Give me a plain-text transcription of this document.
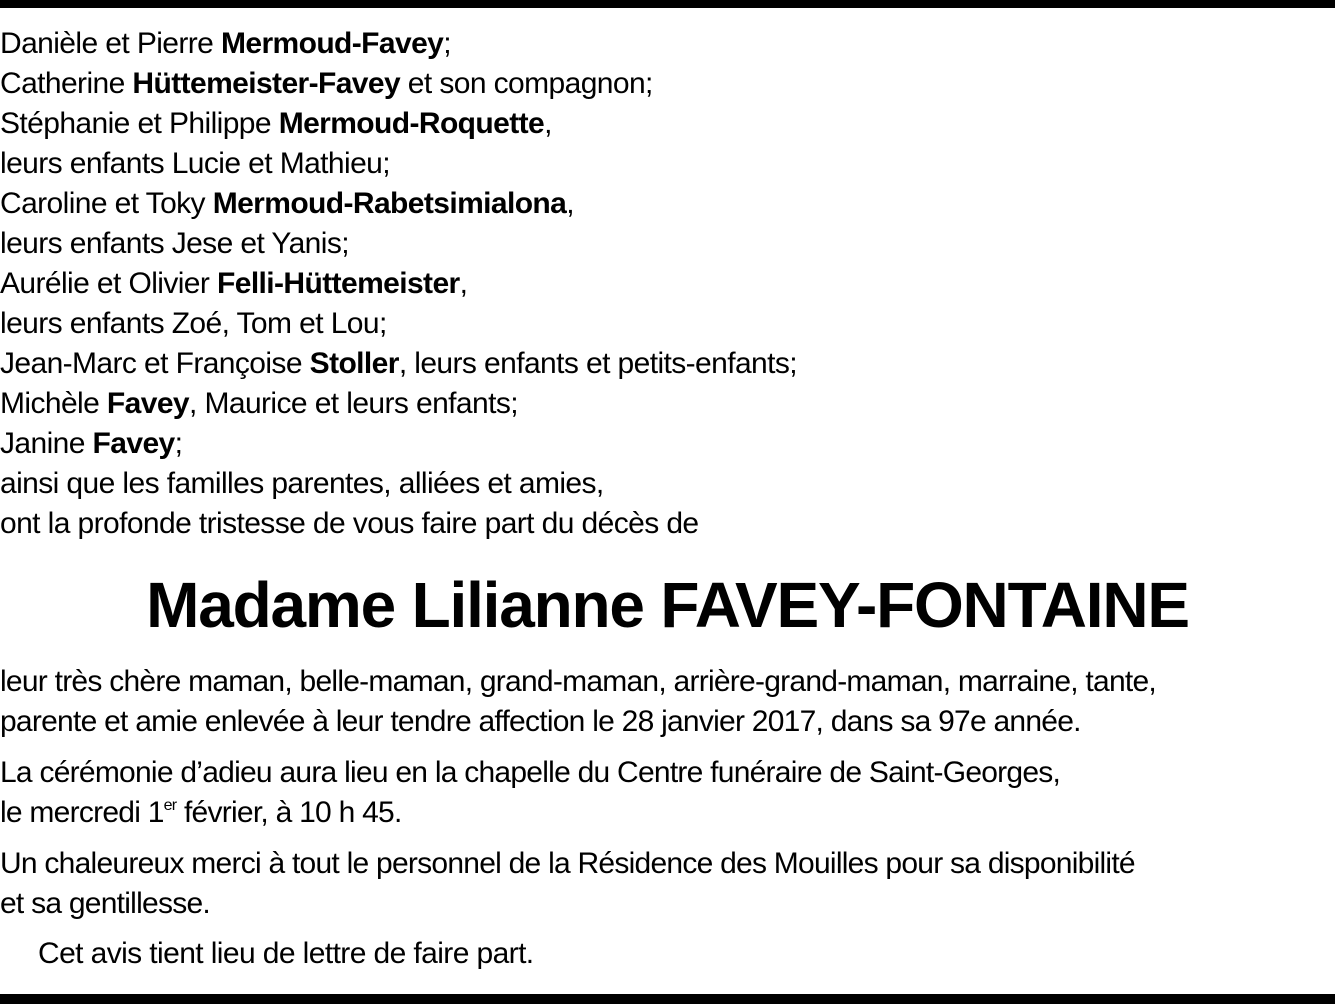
Danièle et Pierre Mermoud-Favey;
Catherine Hüttemeister-Favey et son compagnon;
Stéphanie et Philippe Mermoud-Roquette,
leurs enfants Lucie et Mathieu;
Caroline et Toky Mermoud-Rabetsimialona,
leurs enfants Jese et Yanis;
Aurélie et Olivier Felli-Hüttemeister,
leurs enfants Zoé, Tom et Lou;
Jean-Marc et Françoise Stoller, leurs enfants et petits-enfants;
Michèle Favey, Maurice et leurs enfants;
Janine Favey;
ainsi que les familles parentes, alliées et amies,
ont la profonde tristesse de vous faire part du décès de
Madame Lilianne FAVEY-FONTAINE

leur très chère maman, belle-maman, grand-maman, arrière-grand-maman, marraine, tante,
parente et amie enlevée à leur tendre affection le 28 janvier 2017, dans sa 97e année.

La cérémonie d’adieu aura lieu en la chapelle du Centre funéraire de Saint-Georges,
le mercredi 1er février, à 10 h 45.

Un chaleureux merci à tout le personnel de la Résidence des Mouilles pour sa disponibilité
et sa gentillesse.

Cet avis tient lieu de lettre de faire part.
